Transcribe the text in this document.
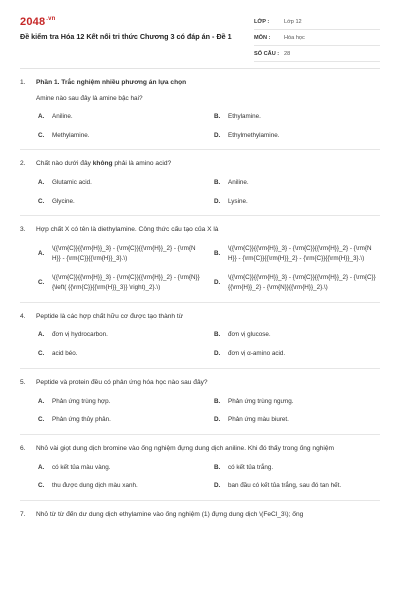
$2048^{.vn}$
Đề kiểm tra Hóa 12 Kết nối tri thức Chương 3 có đáp án - Đề 1
LỚP :	Lớp 12
MÔN :	Hóa học
SỐ CÂU : 28
1.	Phần 1. Trắc nghiệm nhiều phương án lựa chọn
Amine nào sau đây là amine bậc hai?
A.	Aniline.	B.	Ethylamine.
C.	Methylamine.	D.	Ethylmethylamine.
2.	Chất nào dưới đây không phải là amino acid?
A.	Glutamic acid.	B.	Aniline.
C.	Glycine.	D.	Lysine.
3.	Hợp chất X có tên là diethylamine. Công thức cấu tạo của X là
A.
\({\rm{C}}{{\rm{H}}_3} - {\rm{C}}{{\rm{H}}_2} - {\rm{NH}} - {\rm{C}}{{\rm{H}}_3}.\)
B.
\({\rm{C}}{{\rm{H}}_3} - {\rm{C}}{{\rm{H}}_2} - {\rm{NH}} - {\rm{C}}{{\rm{H}}_2} - {\rm{C}}{{\rm{H}}_3}.\)
C.
\({\rm{C}}{{\rm{H}}_3} - {\rm{C}}{{\rm{H}}_2} - {\rm{N}}{\left( {{\rm{C}}{{\rm{H}}_3}} \right)_2}.\)
D.
\({\rm{C}}{{\rm{H}}_3} - {\rm{C}}{{\rm{H}}_2} - {\rm{C}}{{\rm{H}}_2} - {\rm{N}}{{\rm{H}}_2}.\)
4.	Peptide là các hợp chất hữu cơ được tạo thành từ
A.	đơn vị hydrocarbon.	B.	đơn vị glucose.
C.	acid béo.	D.	đơn vị α-amino acid.
5.	Peptide và protein đều có phản ứng hóa học nào sau đây?
A.	Phản ứng trùng hợp.	B.	Phản ứng trùng ngưng.
C.	Phản ứng thủy phân.	D.	Phản ứng màu biuret.
6.	Nhỏ vài giọt dung dịch bromine vào ống nghiệm đựng dung dịch aniline. Khi đó thấy trong ống nghiệm
A.	có kết tủa màu vàng.	B.	có kết tủa trắng.
C.	thu được dung dịch màu xanh.	D.	ban đầu có kết tủa trắng, sau đó tan hết.
7.	Nhỏ từ từ đến dư dung dịch ethylamine vào ống nghiệm (1) đựng dung dịch \(FeCl_3\); ống
